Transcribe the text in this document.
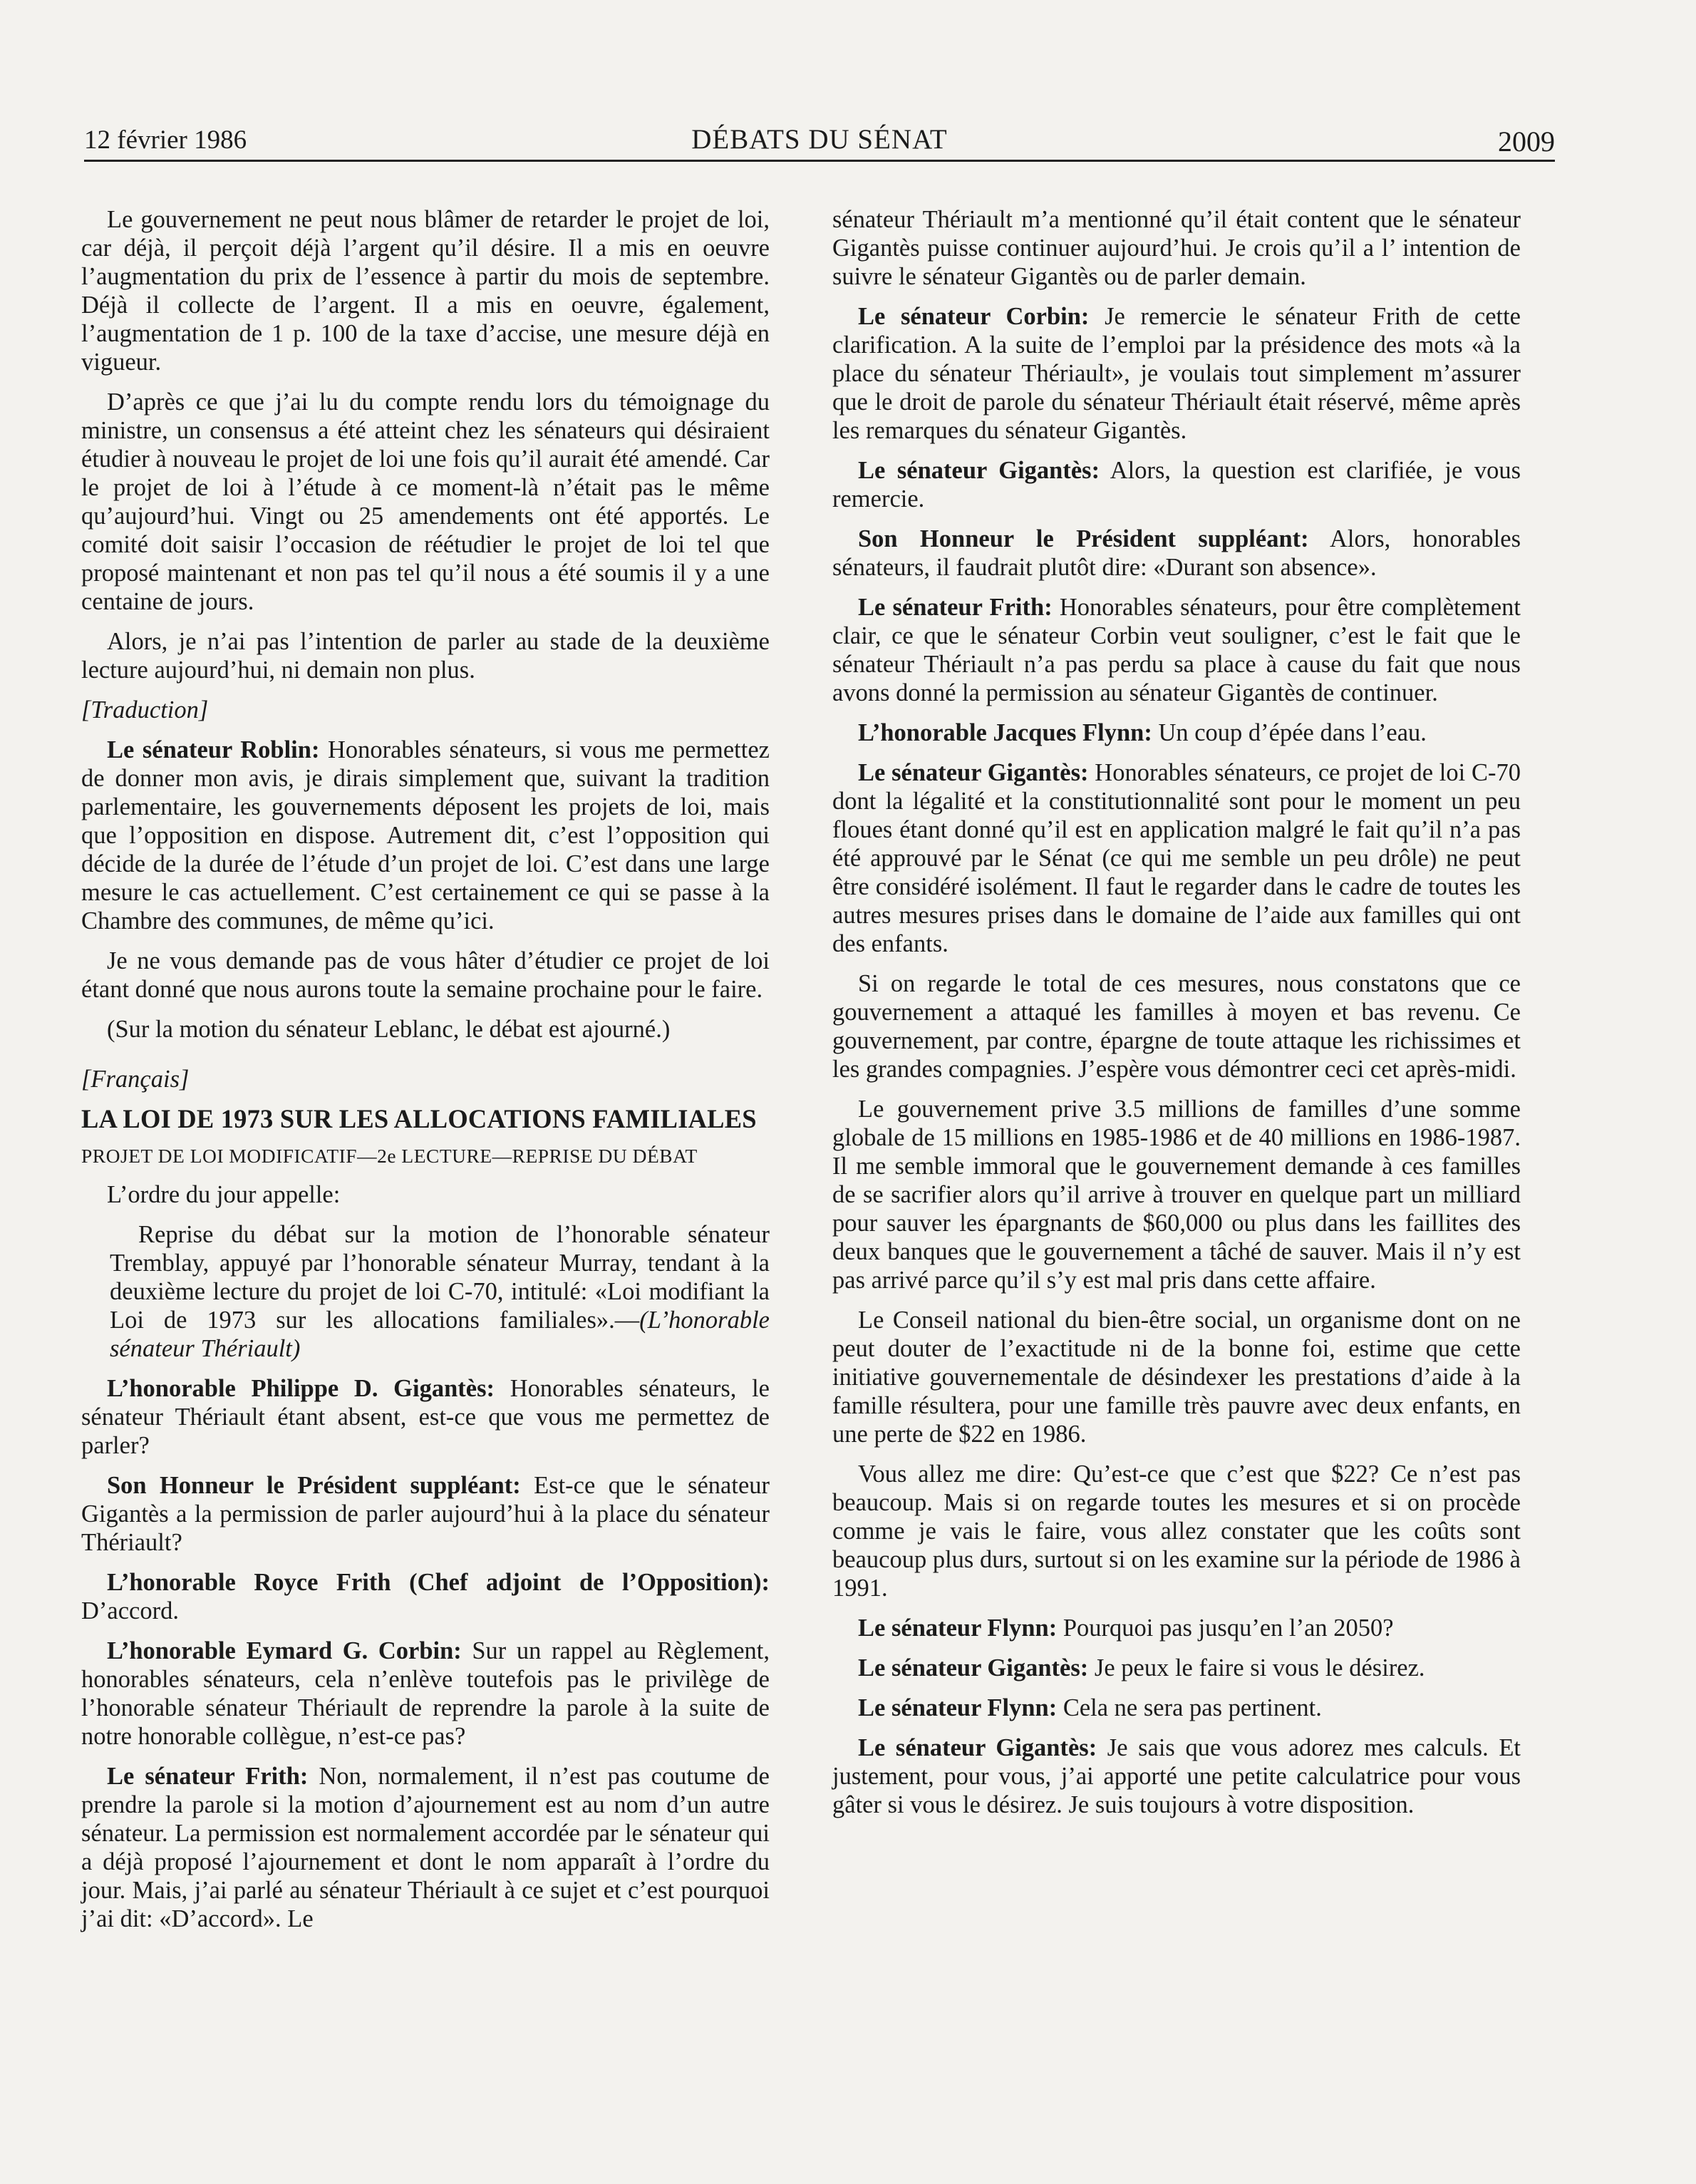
12 février 1986	DÉBATS DU SÉNAT	2009

Le gouvernement ne peut nous blâmer de retarder le projet de loi, car déjà, il perçoit déjà l’argent qu’il désire. Il a mis en oeuvre l’augmentation du prix de l’essence à partir du mois de septembre. Déjà il collecte de l’argent. Il a mis en oeuvre, également, l’augmentation de 1 p. 100 de la taxe d’accise, une mesure déjà en vigueur.

D’après ce que j’ai lu du compte rendu lors du témoignage du ministre, un consensus a été atteint chez les sénateurs qui désiraient étudier à nouveau le projet de loi une fois qu’il aurait été amendé. Car le projet de loi à l’étude à ce moment-là n’était pas le même qu’aujourd’hui. Vingt ou 25 amendements ont été apportés. Le comité doit saisir l’occasion de réétudier le projet de loi tel que proposé maintenant et non pas tel qu’il nous a été soumis il y a une centaine de jours.

Alors, je n’ai pas l’intention de parler au stade de la deuxième lecture aujourd’hui, ni demain non plus.

[Traduction]

Le sénateur Roblin: Honorables sénateurs, si vous me permettez de donner mon avis, je dirais simplement que, suivant la tradition parlementaire, les gouvernements déposent les projets de loi, mais que l’opposition en dispose. Autrement dit, c’est l’opposition qui décide de la durée de l’étude d’un projet de loi. C’est dans une large mesure le cas actuellement. C’est certainement ce qui se passe à la Chambre des communes, de même qu’ici.

Je ne vous demande pas de vous hâter d’étudier ce projet de loi étant donné que nous aurons toute la semaine prochaine pour le faire.

(Sur la motion du sénateur Leblanc, le débat est ajourné.)

[Français]

LA LOI DE 1973 SUR LES ALLOCATIONS FAMILIALES
PROJET DE LOI MODIFICATIF—2e LECTURE—REPRISE DU DÉBAT

L’ordre du jour appelle:

Reprise du débat sur la motion de l’honorable sénateur Tremblay, appuyé par l’honorable sénateur Murray, tendant à la deuxième lecture du projet de loi C-70, intitulé: «Loi modifiant la Loi de 1973 sur les allocations familiales».—(L’honorable sénateur Thériault)

L’honorable Philippe D. Gigantès: Honorables sénateurs, le sénateur Thériault étant absent, est-ce que vous me permettez de parler?

Son Honneur le Président suppléant: Est-ce que le sénateur Gigantès a la permission de parler aujourd’hui à la place du sénateur Thériault?

L’honorable Royce Frith (Chef adjoint de l’Opposition): D’accord.

L’honorable Eymard G. Corbin: Sur un rappel au Règlement, honorables sénateurs, cela n’enlève toutefois pas le privilège de l’honorable sénateur Thériault de reprendre la parole à la suite de notre honorable collègue, n’est-ce pas?

Le sénateur Frith: Non, normalement, il n’est pas coutume de prendre la parole si la motion d’ajournement est au nom d’un autre sénateur. La permission est normalement accordée par le sénateur qui a déjà proposé l’ajournement et dont le nom apparaît à l’ordre du jour. Mais, j’ai parlé au sénateur Thériault à ce sujet et c’est pourquoi j’ai dit: «D’accord». Le

sénateur Thériault m’a mentionné qu’il était content que le sénateur Gigantès puisse continuer aujourd’hui. Je crois qu’il a l’ intention de suivre le sénateur Gigantès ou de parler demain.

Le sénateur Corbin: Je remercie le sénateur Frith de cette clarification. A la suite de l’emploi par la présidence des mots «à la place du sénateur Thériault», je voulais tout simplement m’assurer que le droit de parole du sénateur Thériault était réservé, même après les remarques du sénateur Gigantès.

Le sénateur Gigantès: Alors, la question est clarifiée, je vous remercie.

Son Honneur le Président suppléant: Alors, honorables sénateurs, il faudrait plutôt dire: «Durant son absence».

Le sénateur Frith: Honorables sénateurs, pour être complètement clair, ce que le sénateur Corbin veut souligner, c’est le fait que le sénateur Thériault n’a pas perdu sa place à cause du fait que nous avons donné la permission au sénateur Gigantès de continuer.

L’honorable Jacques Flynn: Un coup d’épée dans l’eau.

Le sénateur Gigantès: Honorables sénateurs, ce projet de loi C-70 dont la légalité et la constitutionnalité sont pour le moment un peu floues étant donné qu’il est en application malgré le fait qu’il n’a pas été approuvé par le Sénat (ce qui me semble un peu drôle) ne peut être considéré isolément. Il faut le regarder dans le cadre de toutes les autres mesures prises dans le domaine de l’aide aux familles qui ont des enfants.

Si on regarde le total de ces mesures, nous constatons que ce gouvernement a attaqué les familles à moyen et bas revenu. Ce gouvernement, par contre, épargne de toute attaque les richissimes et les grandes compagnies. J’espère vous démontrer ceci cet après-midi.

Le gouvernement prive 3.5 millions de familles d’une somme globale de 15 millions en 1985-1986 et de 40 millions en 1986-1987. Il me semble immoral que le gouvernement demande à ces familles de se sacrifier alors qu’il arrive à trouver en quelque part un milliard pour sauver les épargnants de $60,000 ou plus dans les faillites des deux banques que le gouvernement a tâché de sauver. Mais il n’y est pas arrivé parce qu’il s’y est mal pris dans cette affaire.

Le Conseil national du bien-être social, un organisme dont on ne peut douter de l’exactitude ni de la bonne foi, estime que cette initiative gouvernementale de désindexer les prestations d’aide à la famille résultera, pour une famille très pauvre avec deux enfants, en une perte de $22 en 1986.

Vous allez me dire: Qu’est-ce que c’est que $22? Ce n’est pas beaucoup. Mais si on regarde toutes les mesures et si on procède comme je vais le faire, vous allez constater que les coûts sont beaucoup plus durs, surtout si on les examine sur la période de 1986 à 1991.

Le sénateur Flynn: Pourquoi pas jusqu’en l’an 2050?

Le sénateur Gigantès: Je peux le faire si vous le désirez.

Le sénateur Flynn: Cela ne sera pas pertinent.

Le sénateur Gigantès: Je sais que vous adorez mes calculs. Et justement, pour vous, j’ai apporté une petite calculatrice pour vous gâter si vous le désirez. Je suis toujours à votre disposition.
